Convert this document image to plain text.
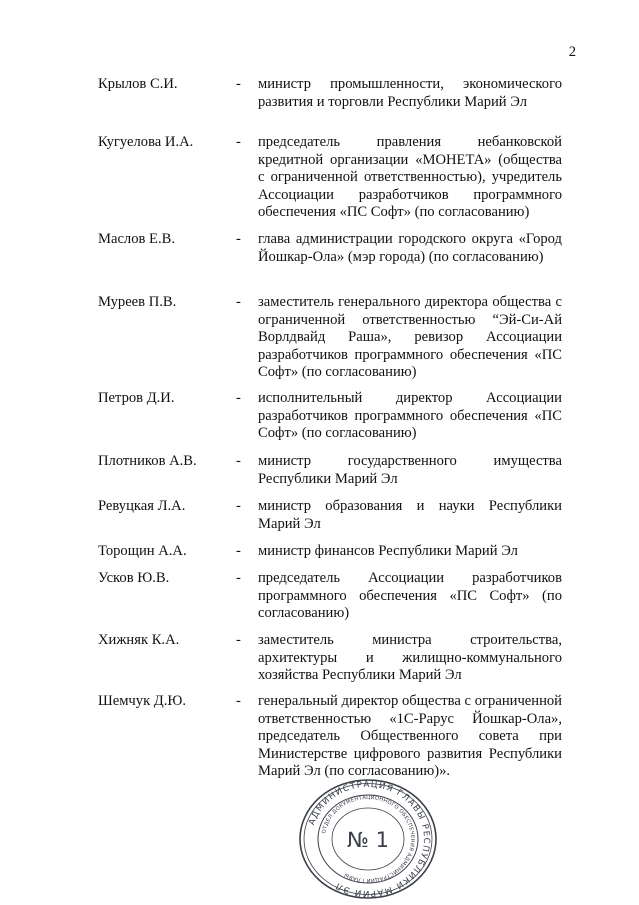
2
Крылов С.И.	- министр промышленности, экономического развития и торговли Республики Марий Эл
Кугуелова И.А.	- председатель правления небанковской кредитной организации «МОНЕТА» (общества с ограниченной ответственностью), учредитель Ассоциации разработчиков программного обеспечения «ПС Софт» (по согласованию)
Маслов Е.В.	- глава администрации городского округа «Город Йошкар-Ола» (мэр города) (по согласованию)
Муреев П.В.	- заместитель генерального директора общества с ограниченной ответственностью “Эй-Си-Ай Ворлдвайд Раша», ревизор Ассоциации разработчиков программного обеспечения «ПС Софт» (по согласованию)
Петров Д.И.	- исполнительный директор Ассоциации разработчиков программного обеспечения «ПС Софт» (по согласованию)
Плотников А.В.	- министр государственного имущества Республики Марий Эл
Ревуцкая Л.А.	- министр образования и науки Республики Марий Эл
Торощин А.А.	- министр финансов Республики Марий Эл
Усков Ю.В.	- председатель Ассоциации разработчиков программного обеспечения «ПС Софт» (по согласованию)
Хижняк К.А.	- заместитель министра строительства, архитектуры и жилищно-коммунального хозяйства Республики Марий Эл
Шемчук Д.Ю.	- генеральный директор общества с ограниченной ответственностью «1С-Рарус Йошкар-Ола», председатель Общественного совета при Министерстве цифрового развития Республики Марий Эл (по согласованию)».
АДМИНИСТРАЦИЯ ГЛАВЫ РЕСПУБЛИКИ МАРИЙ ЭЛ
ОТДЕЛ ДОКУМЕНТАЦИОННОГО ОБЕСПЕЧЕНИЯ АДМИНИСТРАЦИИ ГЛАВЫ
№ 1
